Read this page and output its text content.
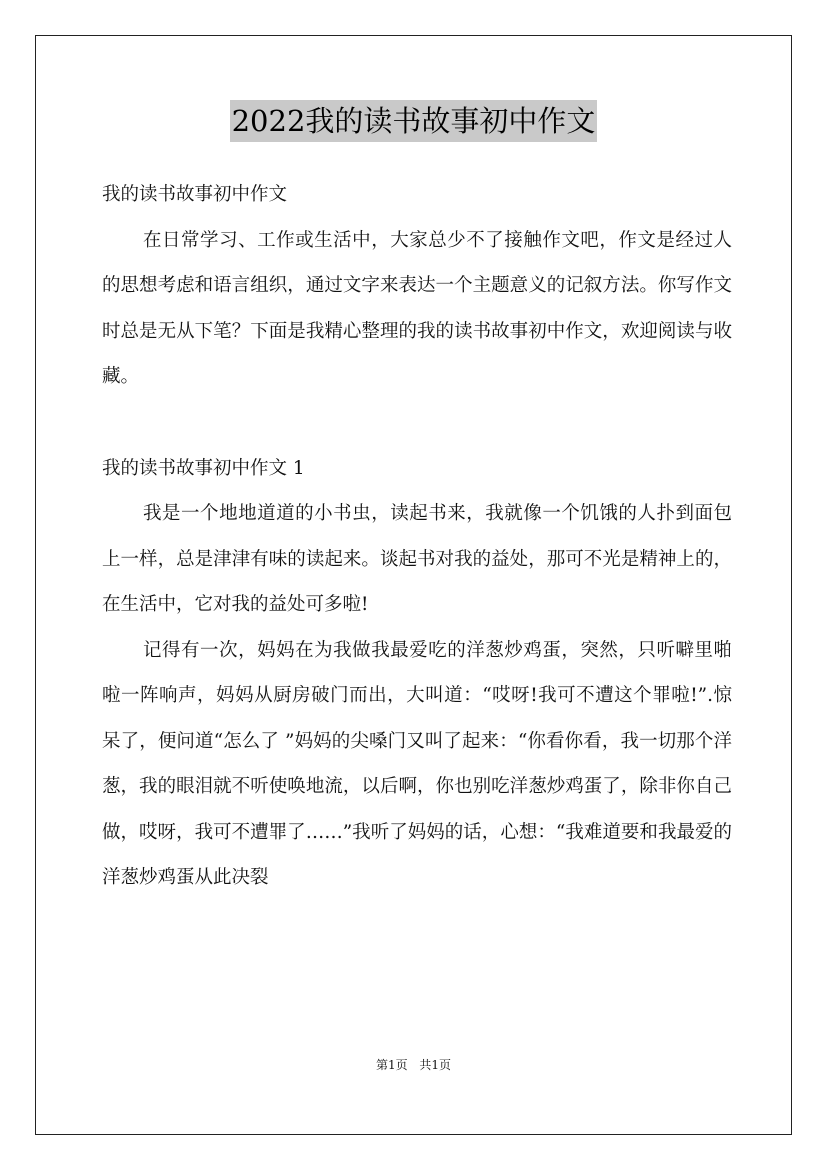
2022我的读书故事初中作文

我的读书故事初中作文

在日常学习、工作或生活中，大家总少不了接触作文吧，作文是经过人的思想考虑和语言组织，通过文字来表达一个主题意义的记叙方法。你写作文时总是无从下笔？下面是我精心整理的我的读书故事初中作文，欢迎阅读与收藏。

我的读书故事初中作文 1

我是一个地地道道的小书虫，读起书来，我就像一个饥饿的人扑到面包上一样，总是津津有味的读起来。谈起书对我的益处，那可不光是精神上的，在生活中，它对我的益处可多啦!

记得有一次，妈妈在为我做我最爱吃的洋葱炒鸡蛋，突然，只听噼里啪啦一阵响声，妈妈从厨房破门而出，大叫道：“哎呀!我可不遭这个罪啦!”.惊呆了，便问道“怎么了 ”妈妈的尖嗓门又叫了起来：“你看你看，我一切那个洋葱，我的眼泪就不听使唤地流，以后啊，你也别吃洋葱炒鸡蛋了，除非你自己做，哎呀，我可不遭罪了……”我听了妈妈的话，心想：“我难道要和我最爱的洋葱炒鸡蛋从此决裂

第1页 共1页
